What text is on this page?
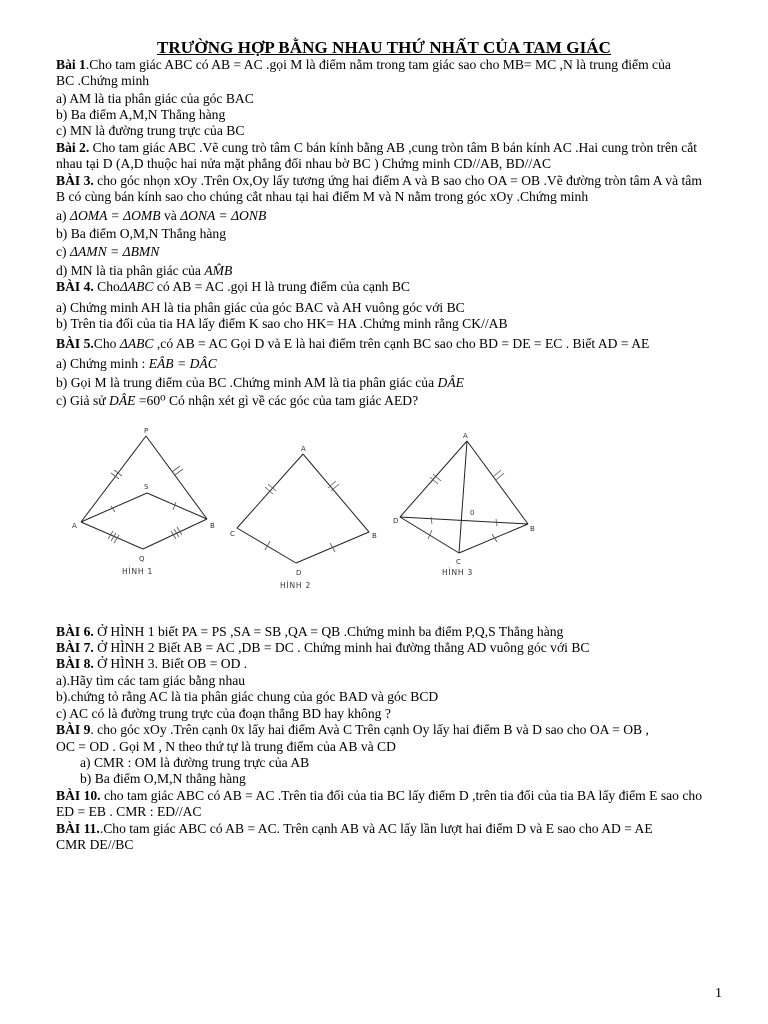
TRƯỜNG HỢP BẰNG NHAU THỨ NHẤT CỦA TAM GIÁC
Bài 1.Cho tam giác ABC có AB = AC .gọi M là điểm nằm trong tam giác sao cho MB= MC ,N là trung điểm của
BC .Chứng minh
a) AM là tia phân giác của góc BAC
b) Ba điểm A,M,N Thẳng hàng
c) MN là đường trung trực của BC
Bài 2. Cho tam giác ABC .Vẽ cung trò tâm C bán kính bằng AB ,cung tròn tâm B bán kính AC .Hai cung tròn trên cắt
nhau tại D (A,D thuộc hai nửa mặt phẳng đối nhau bờ BC ) Chứng minh CD//AB, BD//AC
BÀI 3. cho góc nhọn xOy .Trên Ox,Oy lấy tương ứng hai điểm A và B sao cho OA = OB .Vẽ đường tròn tâm A và tâm
B có cùng bán kính sao cho chúng cắt nhau tại hai điểm M và N nằm trong góc xOy .Chứng minh
a) ΔOMA = ΔOMB và ΔONA = ΔONB
b) Ba điểm O,M,N Thẳng hàng
c) ΔAMN = ΔBMN
d) MN là tia phân giác của AM̂B
BÀI 4. ChoΔABC có AB = AC .gọi H là trung điểm của cạnh BC
a) Chứng minh AH là tia phân giác của góc BAC và AH vuông góc với BC
b) Trên tia đối của tia HA lấy điểm K sao cho HK= HA .Chứng minh rằng CK//AB
BÀI 5.Cho ΔABC ,có AB = AC Gọi D và E là hai điểm trên cạnh BC sao cho BD = DE = EC . Biết AD = AE
a) Chứng minh : EÂB = DÂC
b) Gọi M là trung điểm của BC .Chứng minh AM là tia phân giác của DÂE
c) Giả sử DÂE =60⁰ Có nhận xét gì về các góc của tam giác AED?
P
S
A	B
Q
HÌNH 1
A
C	B
D
HÌNH 2
A
D
0
B
C
HÌNH 3
BÀI 6. Ở HÌNH 1 biết PA = PS ,SA = SB ,QA = QB .Chứng minh ba điểm P,Q,S Thẳng hàng
BÀI 7. Ở HÌNH 2 Biết AB = AC ,DB = DC . Chứng minh hai đường thẳng AD vuông góc với BC
BÀI 8. Ở HÌNH 3. Biết OB = OD .
a).Hãy tìm các tam giác bằng nhau
b).chứng tỏ rằng AC là tia phân giác chung của góc BAD và góc BCD
c) AC có là đường trung trực của đoạn thẳng BD hay không ?
BÀI 9. cho góc xOy .Trên cạnh 0x lấy hai điểm Avà C Trên cạnh Oy lấy hai điểm B và D sao cho OA = OB ,
OC = OD . Gọi M , N theo thứ tự là trung điểm của AB và CD
a) CMR : OM là đường trung trực của AB
b) Ba điểm O,M,N thẳng hàng
BÀI 10. cho tam giác ABC có AB = AC .Trên tia đối của tia BC lấy điểm D ,trên tia đối của tia BA lấy điểm E sao cho
ED = EB . CMR : ED//AC
BÀI 11..Cho tam giác ABC có AB = AC. Trên cạnh AB và AC lấy lần lượt hai điểm D và E sao cho AD = AE
CMR DE//BC
1
